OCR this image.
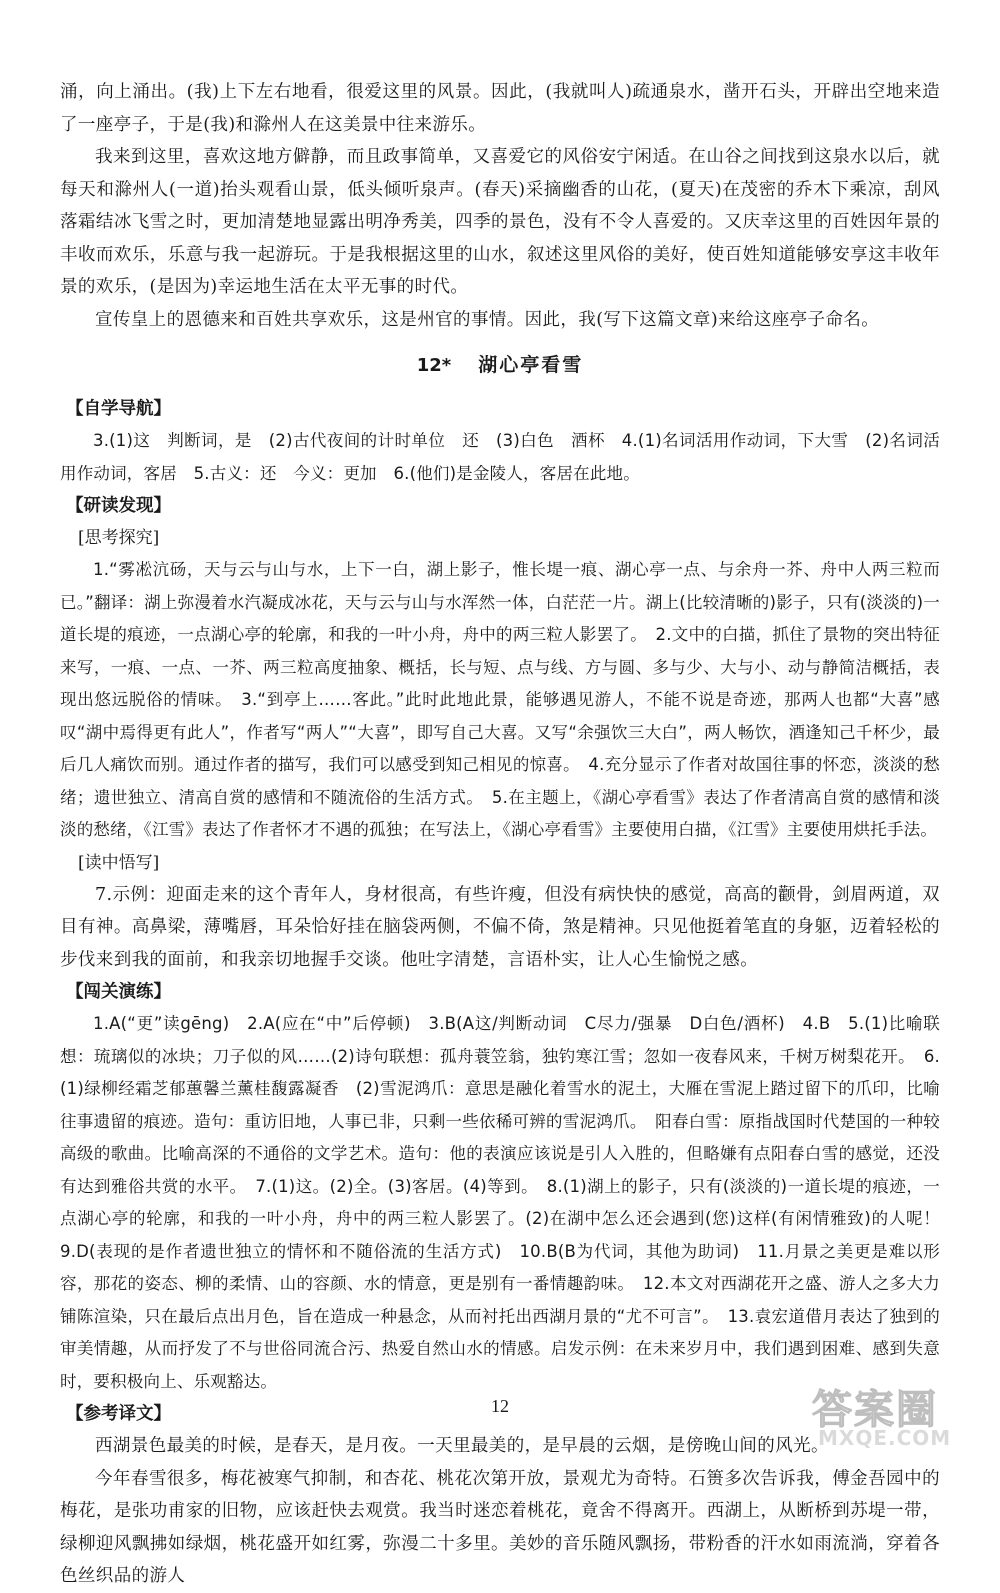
涌，向上涌出。(我)上下左右地看，很爱这里的风景。因此，(我就叫人)疏通泉水，凿开石头，开辟出空地来造了一座亭子，于是(我)和滁州人在这美景中往来游乐。

我来到这里，喜欢这地方僻静，而且政事简单，又喜爱它的风俗安宁闲适。在山谷之间找到这泉水以后，就每天和滁州人(一道)抬头观看山景，低头倾听泉声。(春天)采摘幽香的山花，(夏天)在茂密的乔木下乘凉，刮风落霜结冰飞雪之时，更加清楚地显露出明净秀美，四季的景色，没有不令人喜爱的。又庆幸这里的百姓因年景的丰收而欢乐，乐意与我一起游玩。于是我根据这里的山水，叙述这里风俗的美好，使百姓知道能够安享这丰收年景的欢乐，(是因为)幸运地生活在太平无事的时代。

宣传皇上的恩德来和百姓共享欢乐，这是州官的事情。因此，我(写下这篇文章)来给这座亭子命名。

12* 湖心亭看雪
【自学导航】

3.(1)这　判断词，是　(2)古代夜间的计时单位　还　(3)白色　酒杯　4.(1)名词活用作动词，下大雪　(2)名词活用作动词，客居　5.古义：还　今义：更加　6.(他们)是金陵人，客居在此地。

【研读发现】
[思考探究]

1.“雾凇沆砀，天与云与山与水，上下一白，湖上影子，惟长堤一痕、湖心亭一点、与余舟一芥、舟中人两三粒而已。”翻译：湖上弥漫着水汽凝成冰花，天与云与山与水浑然一体，白茫茫一片。湖上(比较清晰的)影子，只有(淡淡的)一道长堤的痕迹，一点湖心亭的轮廓，和我的一叶小舟，舟中的两三粒人影罢了。　2.文中的白描，抓住了景物的突出特征来写，一痕、一点、一芥、两三粒高度抽象、概括，长与短、点与线、方与圆、多与少、大与小、动与静简洁概括，表现出悠远脱俗的情味。　3.“到亭上……客此。”此时此地此景，能够遇见游人，不能不说是奇迹，那两人也都“大喜”感叹“湖中焉得更有此人”，作者写“两人”“大喜”，即写自己大喜。又写“余强饮三大白”，两人畅饮，酒逢知己千杯少，最后几人痛饮而别。通过作者的描写，我们可以感受到知己相见的惊喜。　4.充分显示了作者对故国往事的怀恋，淡淡的愁绪；遗世独立、清高自赏的感情和不随流俗的生活方式。　5.在主题上，《湖心亭看雪》表达了作者清高自赏的感情和淡淡的愁绪，《江雪》表达了作者怀才不遇的孤独；在写法上，《湖心亭看雪》主要使用白描，《江雪》主要使用烘托手法。

[读中悟写]

7.示例：迎面走来的这个青年人，身材很高，有些许瘦，但没有病快快的感觉，高高的颧骨，剑眉两道，双目有神。高鼻梁，薄嘴唇，耳朵恰好挂在脑袋两侧，不偏不倚，煞是精神。只见他挺着笔直的身躯，迈着轻松的步伐来到我的面前，和我亲切地握手交谈。他吐字清楚，言语朴实，让人心生愉悦之感。

【闯关演练】

1.A(“更”读gēng)　2.A(应在“中”后停顿)　3.B(A这/判断动词　C尽力/强暴　D白色/酒杯)　4.B　5.(1)比喻联想：琉璃似的冰块；刀子似的风……(2)诗句联想：孤舟蓑笠翁，独钓寒江雪；忽如一夜春风来，千树万树梨花开。　6.(1)绿柳经霜芝郁蕙馨兰薰桂馥露凝香　(2)雪泥鸿爪：意思是融化着雪水的泥土，大雁在雪泥上踏过留下的爪印，比喻往事遗留的痕迹。造句：重访旧地，人事已非，只剩一些依稀可辨的雪泥鸿爪。　阳春白雪：原指战国时代楚国的一种较高级的歌曲。比喻高深的不通俗的文学艺术。造句：他的表演应该说是引人入胜的，但略嫌有点阳春白雪的感觉，还没有达到雅俗共赏的水平。　7.(1)这。(2)全。(3)客居。(4)等到。　8.(1)湖上的影子，只有(淡淡的)一道长堤的痕迹，一点湖心亭的轮廓，和我的一叶小舟，舟中的两三粒人影罢了。(2)在湖中怎么还会遇到(您)这样(有闲情雅致)的人呢！　9.D(表现的是作者遗世独立的情怀和不随俗流的生活方式)　10.B(B为代词，其他为助词)　11.月景之美更是难以形容，那花的姿态、柳的柔情、山的容颜、水的情意，更是别有一番情趣韵味。　12.本文对西湖花开之盛、游人之多大力铺陈渲染，只在最后点出月色，旨在造成一种悬念，从而衬托出西湖月景的“尤不可言”。　13.袁宏道借月表达了独到的审美情趣，从而抒发了不与世俗同流合污、热爱自然山水的情感。启发示例：在未来岁月中，我们遇到困难、感到失意时，要积极向上、乐观豁达。

【参考译文】

西湖景色最美的时候，是春天，是月夜。一天里最美的，是早晨的云烟，是傍晚山间的风光。

今年春雪很多，梅花被寒气抑制，和杏花、桃花次第开放，景观尤为奇特。石篑多次告诉我，傅金吾园中的梅花，是张功甫家的旧物，应该赶快去观赏。我当时迷恋着桃花，竟舍不得离开。西湖上，从断桥到苏堤一带，绿柳迎风飘拂如绿烟，桃花盛开如红雾，弥漫二十多里。美妙的音乐随风飘扬，带粉香的汗水如雨流淌，穿着各色丝织品的游人

12	答案圈
MXQE.COM
